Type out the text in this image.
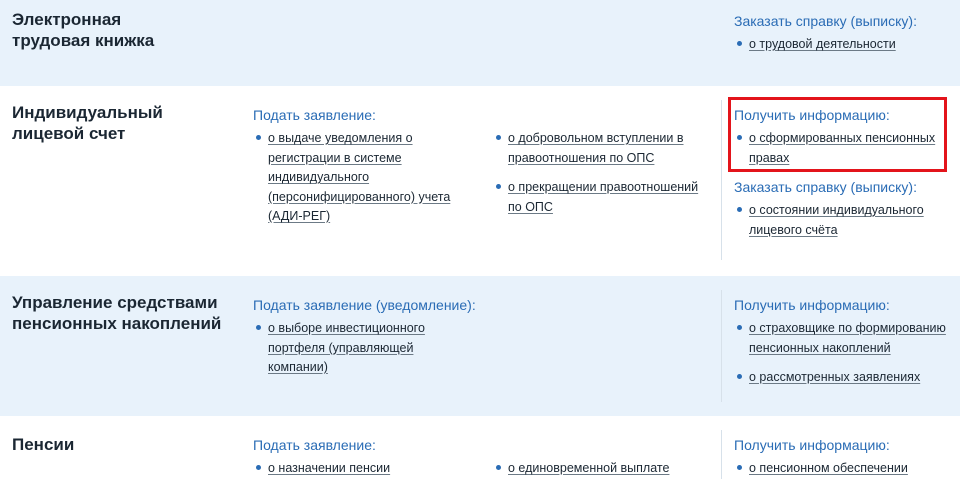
Электронная трудовая книжка
Заказать справку (выписку):
о трудовой деятельности
Индивидуальный лицевой счет
Подать заявление:
о выдаче уведомления о регистрации в системе индивидуального (персонифицированного) учета (АДИ-РЕГ)
о добровольном вступлении в правоотношения по ОПС
о прекращении правоотношений по ОПС
Получить информацию:
о сформированных пенсионных правах
Заказать справку (выписку):
о состоянии индивидуального лицевого счёта
Управление средствами пенсионных накоплений
Подать заявление (уведомление):
о выборе инвестиционного портфеля (управляющей компании)
Получить информацию:
о страховщике по формированию пенсионных накоплений
о рассмотренных заявлениях
Пенсии	Подать заявление:
о назначении пенсии	о единовременной выплате
Получить информацию:
о пенсионном обеспечении
